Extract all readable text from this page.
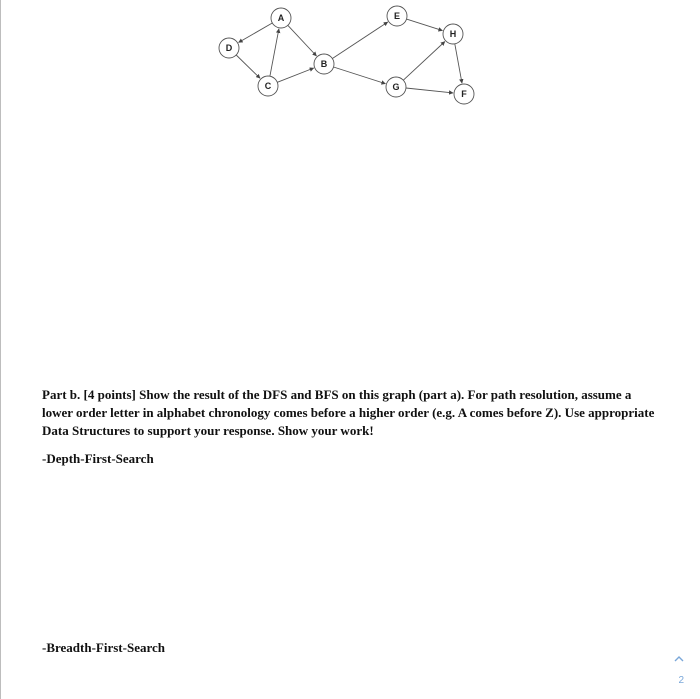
A
B
C
D
E
F
G
H
Part b. [4 points] Show the result of the DFS and BFS on this graph (part a). For path resolution, assume a lower order letter in alphabet chronology comes before a higher order (e.g. A comes before Z). Use appropriate Data Structures to support your response. Show your work!
-Depth-First-Search
-Breadth-First-Search
2
